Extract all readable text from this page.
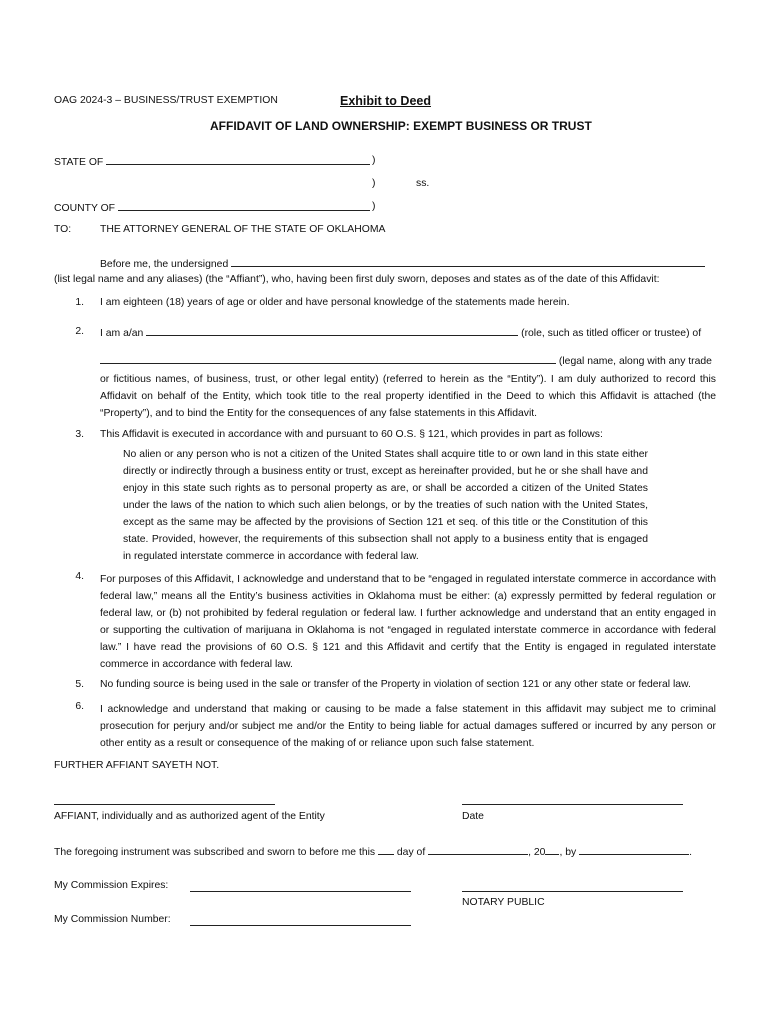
OAG 2024-3 – BUSINESS/TRUST EXEMPTION	Exhibit to Deed
AFFIDAVIT OF LAND OWNERSHIP: EXEMPT BUSINESS OR TRUST
STATE OF	)
)	ss.
COUNTY OF	)
TO:	THE ATTORNEY GENERAL OF THE STATE OF OKLAHOMA
Before me, the undersigned
(list legal name and any aliases) (the “Affiant”), who, having been first duly sworn, deposes and states as of the date of this Affidavit:
1. I am eighteen (18) years of age or older and have personal knowledge of the statements made herein.
2. I am a/an	(role, such as titled officer or trustee) of
(legal name, along with any trade
or fictitious names, of business, trust, or other legal entity) (referred to herein as the “Entity”). I am duly authorized to record this Affidavit on behalf of the Entity, which took title to the real property identified in the Deed to which this Affidavit is attached (the “Property”), and to bind the Entity for the consequences of any false statements in this Affidavit.
3. This Affidavit is executed in accordance with and pursuant to 60 O.S. § 121, which provides in part as follows:
No alien or any person who is not a citizen of the United States shall acquire title to or own land in this state either directly or indirectly through a business entity or trust, except as hereinafter provided, but he or she shall have and enjoy in this state such rights as to personal property as are, or shall be accorded a citizen of the United States under the laws of the nation to which such alien belongs, or by the treaties of such nation with the United States, except as the same may be affected by the provisions of Section 121 et seq. of this title or the Constitution of this state. Provided, however, the requirements of this subsection shall not apply to a business entity that is engaged in regulated interstate commerce in accordance with federal law.
4. For purposes of this Affidavit, I acknowledge and understand that to be “engaged in regulated interstate commerce in accordance with federal law,” means all the Entity’s business activities in Oklahoma must be either: (a) expressly permitted by federal regulation or federal law, or (b) not prohibited by federal regulation or federal law. I further acknowledge and understand that an entity engaged in or supporting the cultivation of marijuana in Oklahoma is not “engaged in regulated interstate commerce in accordance with federal law.” I have read the provisions of 60 O.S. § 121 and this Affidavit and certify that the Entity is engaged in regulated interstate commerce in accordance with federal law.
5. No funding source is being used in the sale or transfer of the Property in violation of section 121 or any other state or federal law.
6. I acknowledge and understand that making or causing to be made a false statement in this affidavit may subject me to criminal prosecution for perjury and/or subject me and/or the Entity to being liable for actual damages suffered or incurred by any person or other entity as a result or consequence of the making of or reliance upon such false statement.
FURTHER AFFIANT SAYETH NOT.
AFFIANT, individually and as authorized agent of the Entity	Date
The foregoing instrument was subscribed and sworn to before me this day of	, 20 , by	.
My Commission Expires:
NOTARY PUBLIC
My Commission Number:
